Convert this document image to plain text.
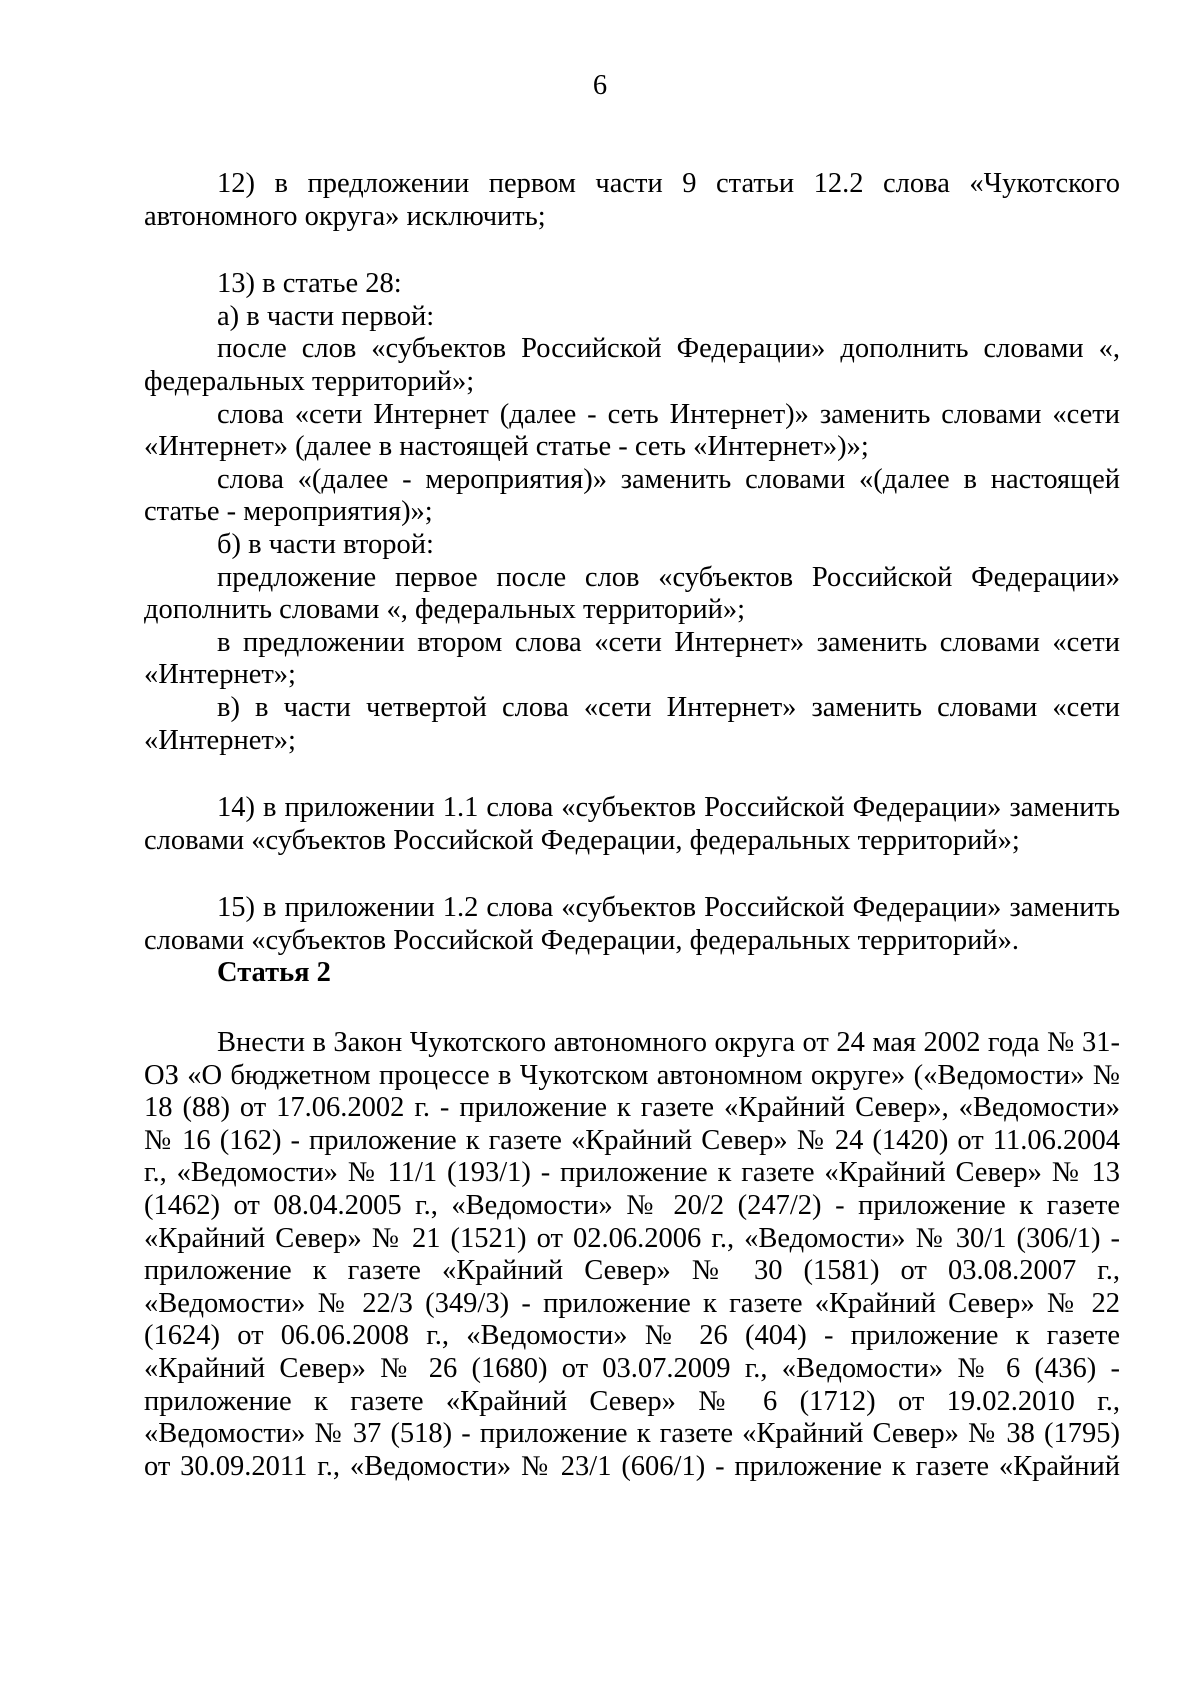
6

12) в предложении первом части 9 статьи 12.2 слова «Чукотского автономного округа» исключить;

13) в статье 28:

а) в части первой:

после слов «субъектов Российской Федерации» дополнить словами «, федеральных территорий»;

слова «сети Интернет (далее - сеть Интернет)» заменить словами «сети «Интернет» (далее в настоящей статье - сеть «Интернет»)»;

слова «(далее - мероприятия)» заменить словами «(далее в настоящей статье - мероприятия)»;

б) в части второй:

предложение первое после слов «субъектов Российской Федерации» дополнить словами «, федеральных территорий»;

в предложении втором слова «сети Интернет» заменить словами «сети «Интернет»;

в) в части четвертой слова «сети Интернет» заменить словами «сети «Интернет»;

14) в приложении 1.1 слова «субъектов Российской Федерации» заменить словами «субъектов Российской Федерации, федеральных территорий»;

15) в приложении 1.2 слова «субъектов Российской Федерации» заменить словами «субъектов Российской Федерации, федеральных территорий».

Статья 2

Внести в Закон Чукотского автономного округа от 24 мая 2002 года № 31-ОЗ «О бюджетном процессе в Чукотском автономном округе» («Ведомости» № 18 (88) от 17.06.2002 г. - приложение к газете «Крайний Север», «Ведомости» № 16 (162) - приложение к газете «Крайний Север» № 24 (1420) от 11.06.2004 г., «Ведомости» № 11/1 (193/1) - приложение к газете «Крайний Север» № 13 (1462) от 08.04.2005 г., «Ведомости» № 20/2 (247/2) - приложение к газете «Крайний Север» № 21 (1521) от 02.06.2006 г., «Ведомости» № 30/1 (306/1) - приложение к газете «Крайний Север» № 30 (1581) от 03.08.2007 г., «Ведомости» № 22/3 (349/3) - приложение к газете «Крайний Север» № 22 (1624) от 06.06.2008 г., «Ведомости» № 26 (404) - приложение к газете «Крайний Север» № 26 (1680) от 03.07.2009 г., «Ведомости» № 6 (436) - приложение к газете «Крайний Север» № 6 (1712) от 19.02.2010 г., «Ведомости» № 37 (518) - приложение к газете «Крайний Север» № 38 (1795) от 30.09.2011 г., «Ведомости» № 23/1 (606/1) - приложение к газете «Крайний
